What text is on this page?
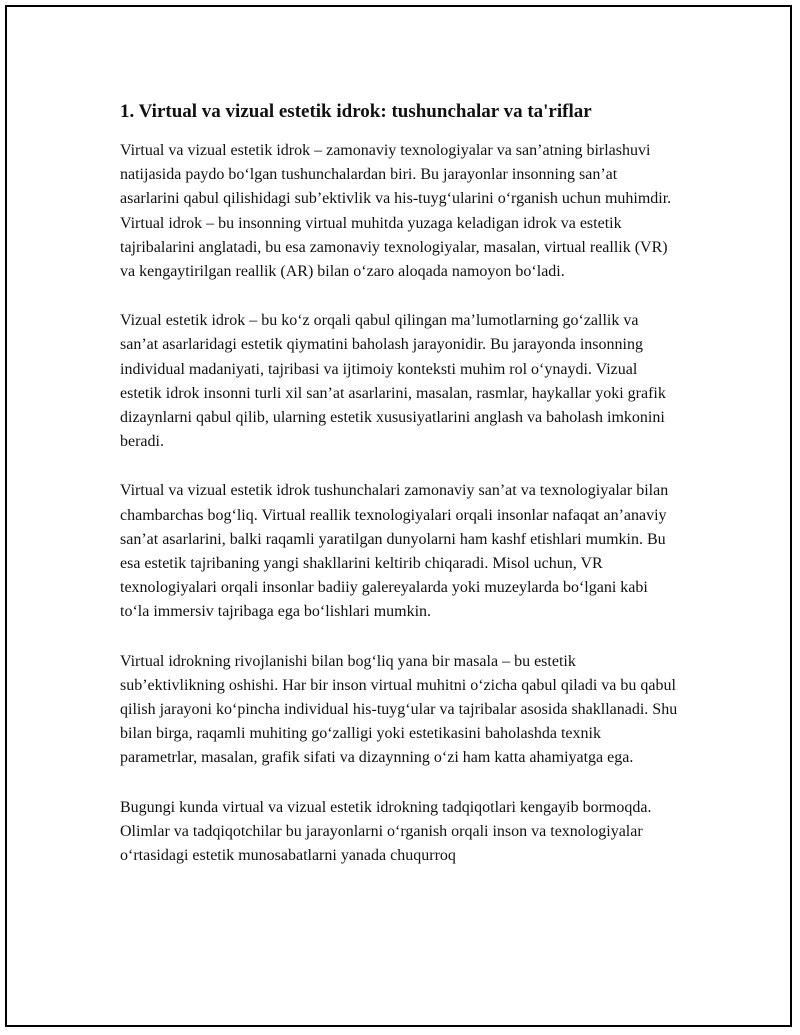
1. Virtual va vizual estetik idrok: tushunchalar va ta'riflar

Virtual va vizual estetik idrok – zamonaviy texnologiyalar va san’atning birlashuvi natijasida paydo bo‘lgan tushunchalardan biri. Bu jarayonlar insonning san’at asarlarini qabul qilishidagi sub’ektivlik va his-tuyg‘ularini o‘rganish uchun muhimdir. Virtual idrok – bu insonning virtual muhitda yuzaga keladigan idrok va estetik tajribalarini anglatadi, bu esa zamonaviy texnologiyalar, masalan, virtual reallik (VR) va kengaytirilgan reallik (AR) bilan o‘zaro aloqada namoyon bo‘ladi.

Vizual estetik idrok – bu ko‘z orqali qabul qilingan ma’lumotlarning go‘zallik va san’at asarlaridagi estetik qiymatini baholash jarayonidir. Bu jarayonda insonning individual madaniyati, tajribasi va ijtimoiy konteksti muhim rol o‘ynaydi. Vizual estetik idrok insonni turli xil san’at asarlarini, masalan, rasmlar, haykallar yoki grafik dizaynlarni qabul qilib, ularning estetik xususiyatlarini anglash va baholash imkonini beradi.

Virtual va vizual estetik idrok tushunchalari zamonaviy san’at va texnologiyalar bilan chambarchas bog‘liq. Virtual reallik texnologiyalari orqali insonlar nafaqat an’anaviy san’at asarlarini, balki raqamli yaratilgan dunyolarni ham kashf etishlari mumkin. Bu esa estetik tajribaning yangi shakllarini keltirib chiqaradi. Misol uchun, VR texnologiyalari orqali insonlar badiiy galereyalarda yoki muzeylarda bo‘lgani kabi to‘la immersiv tajribaga ega bo‘lishlari mumkin.

Virtual idrokning rivojlanishi bilan bog‘liq yana bir masala – bu estetik sub’ektivlikning oshishi. Har bir inson virtual muhitni o‘zicha qabul qiladi va bu qabul qilish jarayoni ko‘pincha individual his-tuyg‘ular va tajribalar asosida shakllanadi. Shu bilan birga, raqamli muhiting go‘zalligi yoki estetikasini baholashda texnik parametrlar, masalan, grafik sifati va dizaynning o‘zi ham katta ahamiyatga ega.

Bugungi kunda virtual va vizual estetik idrokning tadqiqotlari kengayib bormoqda. Olimlar va tadqiqotchilar bu jarayonlarni o‘rganish orqali inson va texnologiyalar o‘rtasidagi estetik munosabatlarni yanada chuqurroq
